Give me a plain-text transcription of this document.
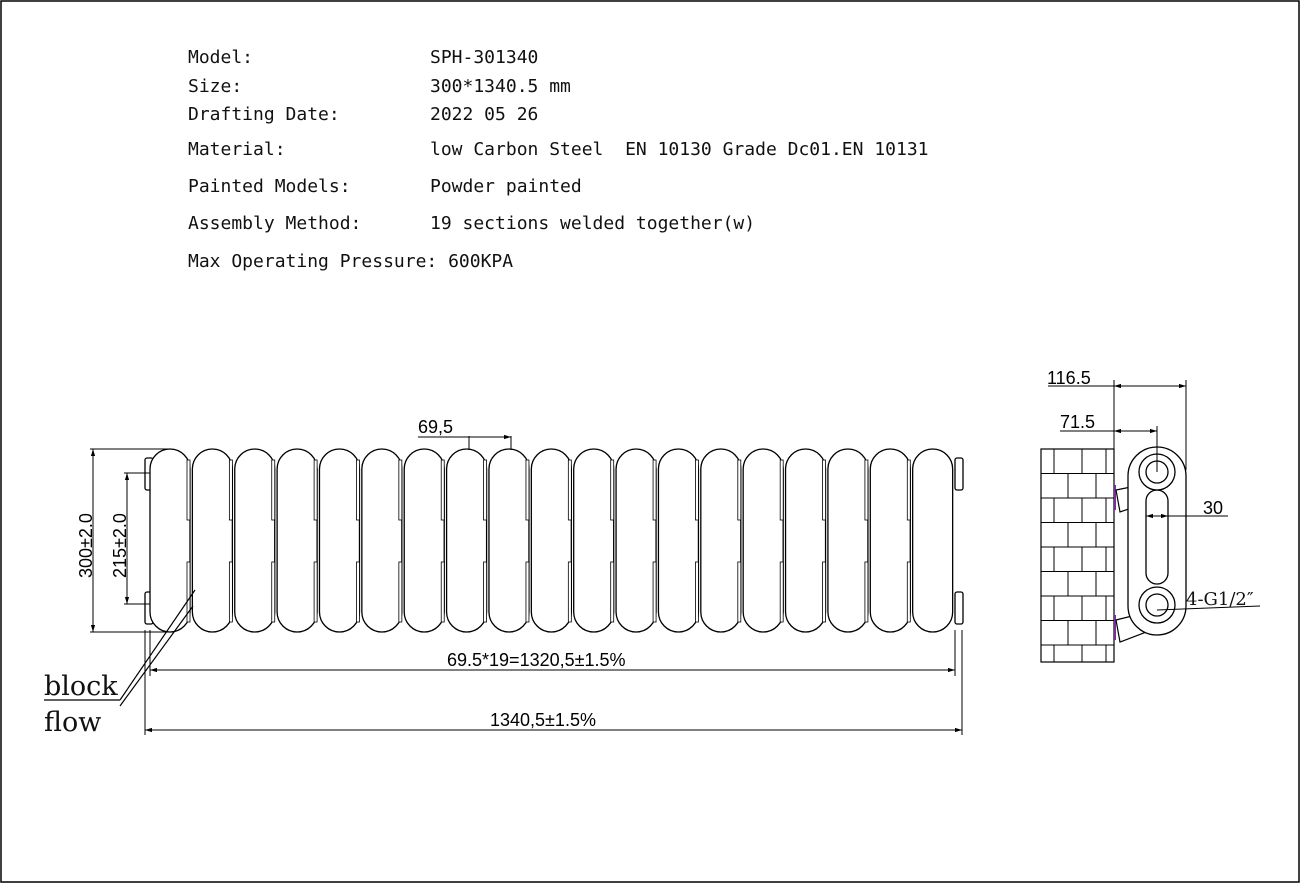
Model:	SPH-301340
Size:	300*1340.5 mm
Drafting Date:	2022 05 26
Material:	low Carbon Steel  EN 10130 Grade Dc01.EN 10131
Painted Models:	Powder painted
Assembly Method:	19 sections welded together(w)
Max Operating Pressure: 600KPA
69,5
300±2.0 215±2.0
69.5*19=1320,5±1.5%
1340,5±1.5%
block
flow
116.5
71.5
30
4-G1/2″
